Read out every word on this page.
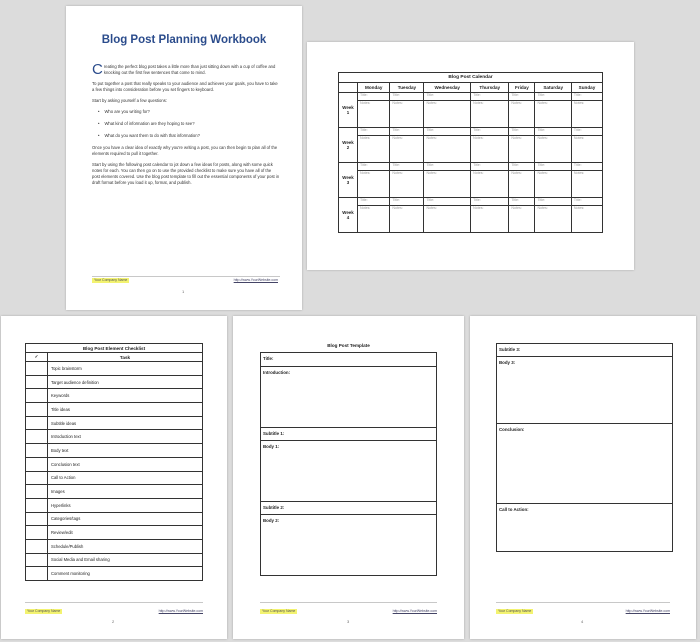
Blog Post Planning Workbook

Creating the perfect blog post takes a little more than just sitting down with a cup of coffee and knocking out the first few sentences that come to mind.

To put together a post that really speaks to your audience and achieves your goals, you have to take a few things into consideration before you set fingers to keyboard.

Start by asking yourself a few questions:

• Who are you writing for?
• What kind of information are they hoping to see?
• What do you want them to do with that information?

Once you have a clear idea of exactly why you're writing a post, you can then begin to plan all of the elements required to pull it together.

Start by using the following post calendar to jot down a few ideas for posts, along with some quick notes for each. You can then go on to use the provided checklist to make sure you have all of the post elements covered. Use the blog post template to fill out the essential components of your post in draft format before you load it up, format, and publish.

Your Company Name	http://www.YourWebsite.com
1
Blog Post Calendar							
	Monday	Tuesday	Wednesday	Thursday	Friday	Saturday	Sunday
Week
1	Title:	Title:	Title:	Title:	Title:	Title:	Title:
	Notes:	Notes:	Notes:	Notes:	Notes:	Notes:	Notes:
Week
2	Title:	Title:	Title:	Title:	Title:	Title:	Title:
	Notes:	Notes:	Notes:	Notes:	Notes:	Notes:	Notes:
Week
3	Title:	Title:	Title:	Title:	Title:	Title:	Title:
	Notes:	Notes:	Notes:	Notes:	Notes:	Notes:	Notes:
Week
4	Title:	Title:	Title:	Title:	Title:	Title:	Title:
	Notes:	Notes:	Notes:	Notes:	Notes:	Notes:	Notes:
Blog Post Element Checklist	
✓	Task
	Topic brainstorm
	Target audience definition
	Keywords
	Title ideas
	Subtitle ideas
	Introduction text
	Body text
	Conclusion text
	Call to Action
	Images
	Hyperlinks
	Categories/tags
	Review/edit
	Schedule/Publish
	Social Media and Email sharing
	Comment monitoring
Your Company Name	http://www.YourWebsite.com
2
Blog Post Template
Title:
Introduction:
Subtitle 1:
Body 1:
Subtitle 2:
Body 2:
Your Company Name	http://www.YourWebsite.com
3
Subtitle 3:
Body 3:
Conclusion:
Call to Action:
Your Company Name	http://www.YourWebsite.com
4
